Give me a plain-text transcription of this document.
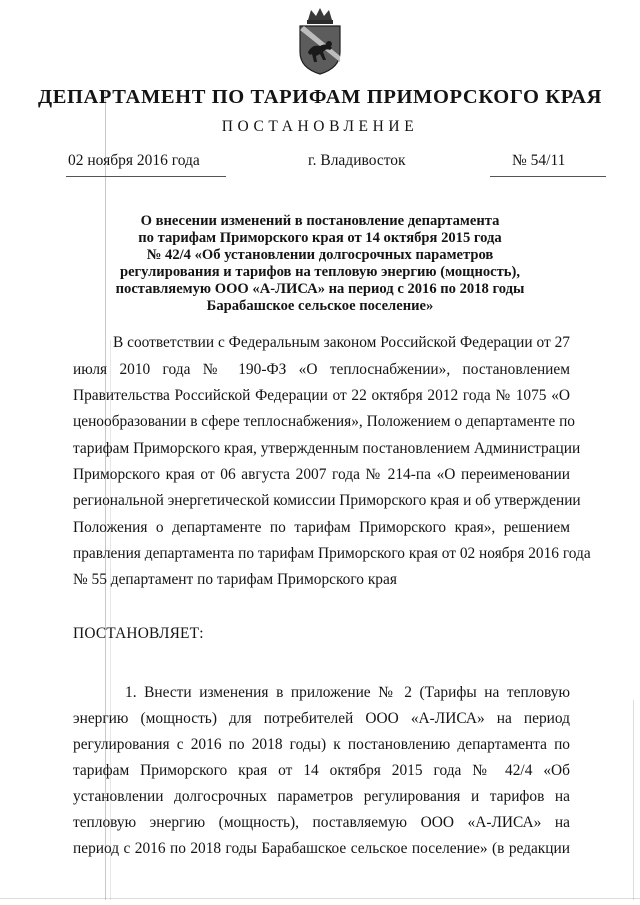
ДЕПАРТАМЕНТ ПО ТАРИФАМ ПРИМОРСКОГО КРАЯ
ПОСТАНОВЛЕНИЕ
02 ноября 2016 года	г. Владивосток	№ 54/11
О внесении изменений в постановление департамента
по тарифам Приморского края от 14 октября 2015 года
№ 42/4 «Об установлении долгосрочных параметров
регулирования и тарифов на тепловую энергию (мощность),
поставляемую ООО «А-ЛИСА» на период с 2016 по 2018 годы
Барабашское сельское поселение»
В соответствии с Федеральным законом Российской Федерации от 27
июля 2010 года № 190-ФЗ «О теплоснабжении», постановлением
Правительства Российской Федерации от 22 октября 2012 года № 1075 «О
ценообразовании в сфере теплоснабжения», Положением о департаменте по
тарифам Приморского края, утвержденным постановлением Администрации
Приморского края от 06 августа 2007 года № 214-па «О переименовании
региональной энергетической комиссии Приморского края и об утверждении
Положения о департаменте по тарифам Приморского края», решением
правления департамента по тарифам Приморского края от 02 ноября 2016 года
№ 55 департамент по тарифам Приморского края
ПОСТАНОВЛЯЕТ:
1. Внести изменения в приложение № 2 (Тарифы на тепловую
энергию (мощность) для потребителей ООО «А-ЛИСА» на период
регулирования с 2016 по 2018 годы) к постановлению департамента по
тарифам Приморского края от 14 октября 2015 года № 42/4 «Об
установлении долгосрочных параметров регулирования и тарифов на
тепловую энергию (мощность), поставляемую ООО «А-ЛИСА» на
период с 2016 по 2018 годы Барабашское сельское поселение» (в редакции
